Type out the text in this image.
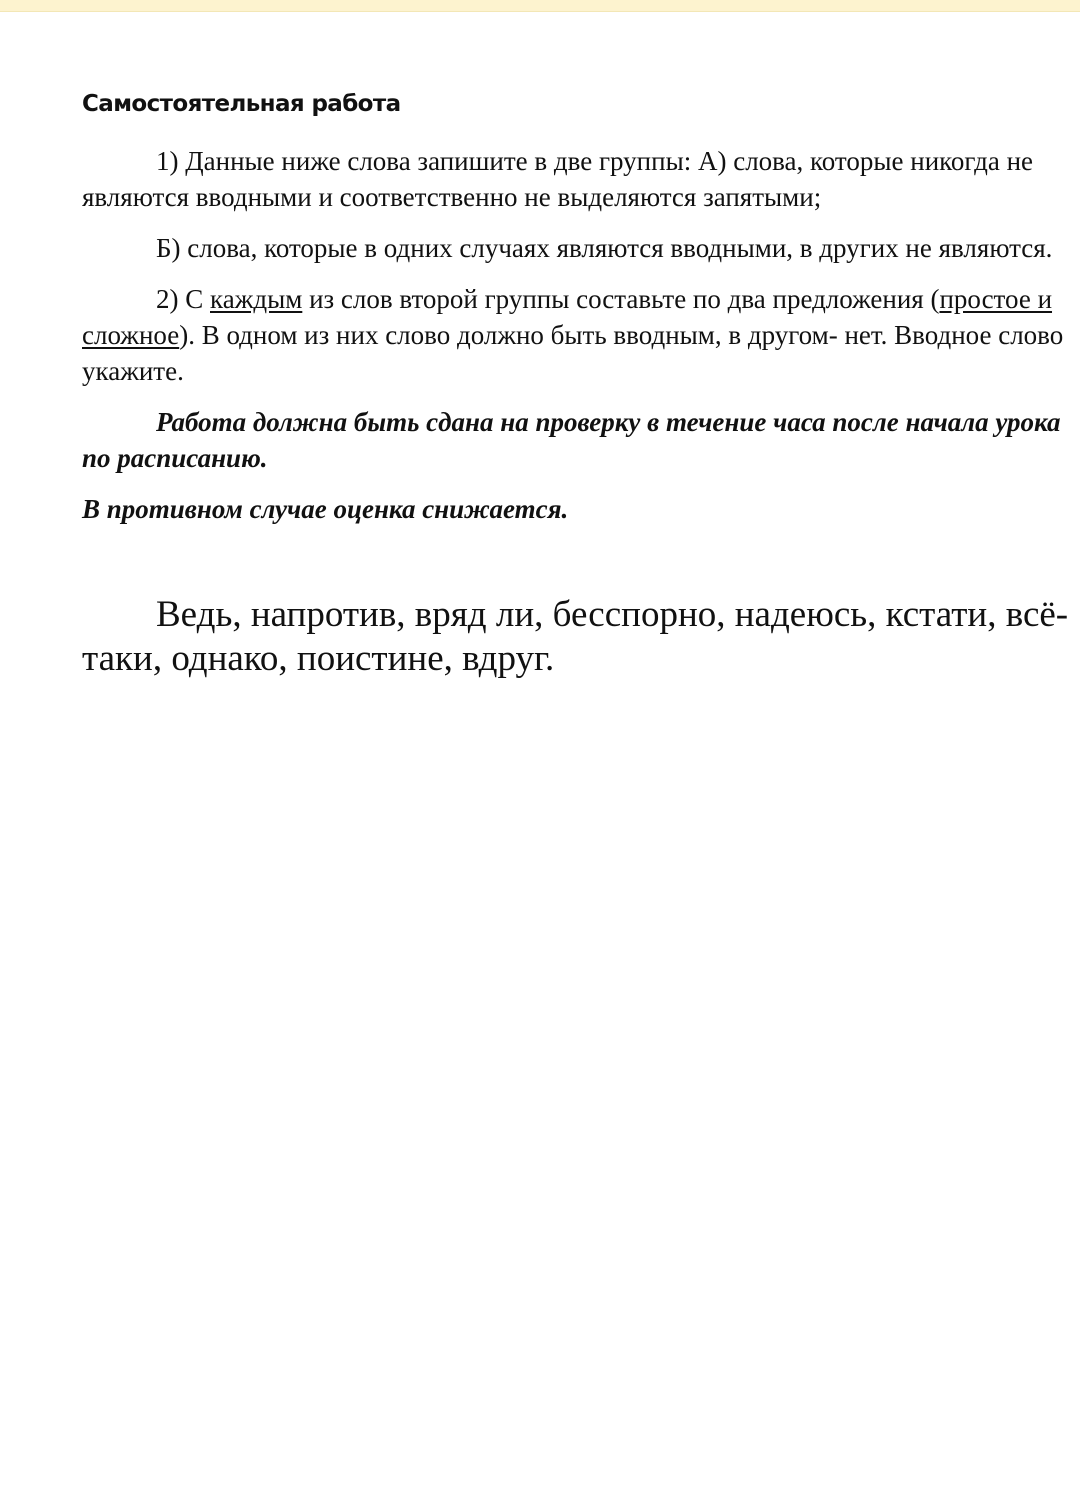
Самостоятельная работа

1) Данные ниже слова запишите в две группы: А) слова, которые никогда не являются вводными и соответственно не выделяются запятыми;

Б) слова, которые в одних случаях являются вводными, в других не являются.

2) С каждым из слов второй группы составьте по два предложения (простое и сложное). В одном из них слово должно быть вводным, в другом- нет. Вводное слово укажите.

Работа должна быть сдана на проверку в течение часа после начала урока по расписанию.

В противном случае оценка снижается.

Ведь, напротив, вряд ли, бесспорно, надеюсь, кстати, всё-таки, однако, поистине, вдруг.
